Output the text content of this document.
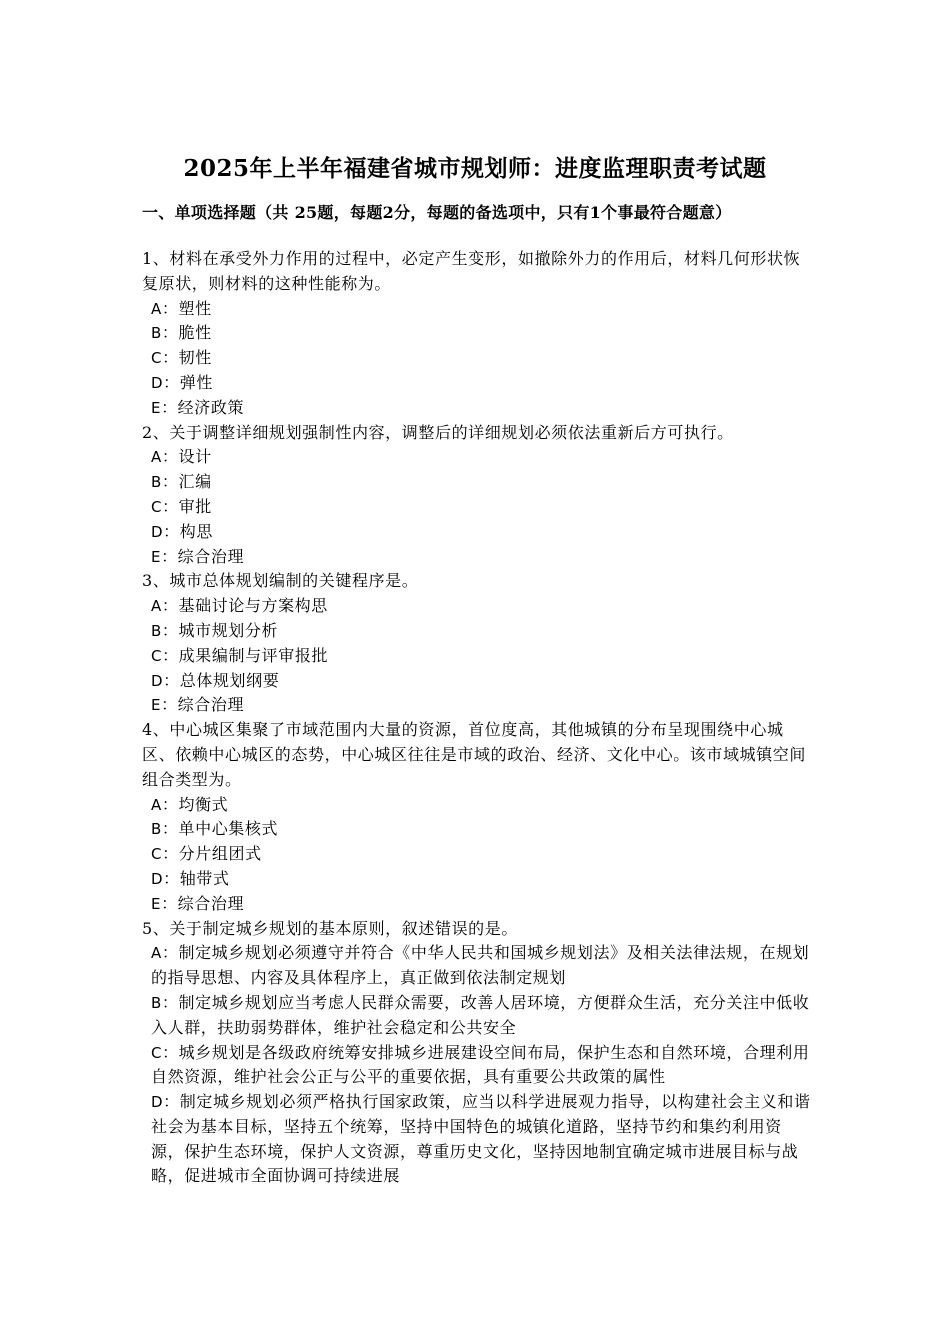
2025年上半年福建省城市规划师：进度监理职责考试题
一、单项选择题（共 25题，每题2分，每题的备选项中，只有1个事最符合题意）

1、材料在承受外力作用的过程中，必定产生变形，如撤除外力的作用后，材料几何形状恢复原状，则材料的这种性能称为。

A：塑性

B：脆性

C：韧性

D：弹性

E：经济政策

2、关于调整详细规划强制性内容，调整后的详细规划必须依法重新后方可执行。

A：设计

B：汇编

C：审批

D：构思

E：综合治理

3、城市总体规划编制的关键程序是。

A：基础讨论与方案构思

B：城市规划分析

C：成果编制与评审报批

D：总体规划纲要

E：综合治理

4、中心城区集聚了市域范围内大量的资源，首位度高，其他城镇的分布呈现围绕中心城区、依赖中心城区的态势，中心城区往往是市域的政治、经济、文化中心。该市域城镇空间组合类型为。

A：均衡式

B：单中心集核式

C：分片组团式

D：轴带式

E：综合治理

5、关于制定城乡规划的基本原则，叙述错误的是。

A：制定城乡规划必须遵守并符合《中华人民共和国城乡规划法》及相关法律法规，在规划的指导思想、内容及具体程序上，真正做到依法制定规划

B：制定城乡规划应当考虑人民群众需要，改善人居环境，方便群众生活，充分关注中低收入人群，扶助弱势群体，维护社会稳定和公共安全

C：城乡规划是各级政府统筹安排城乡进展建设空间布局，保护生态和自然环境，合理利用自然资源，维护社会公正与公平的重要依据，具有重要公共政策的属性

D：制定城乡规划必须严格执行国家政策，应当以科学进展观力指导，以构建社会主义和谐社会为基本目标，坚持五个统筹，坚持中国特色的城镇化道路，坚持节约和集约利用资源，保护生态环境，保护人文资源，尊重历史文化，坚持因地制宜确定城市进展目标与战略，促进城市全面协调可持续进展
